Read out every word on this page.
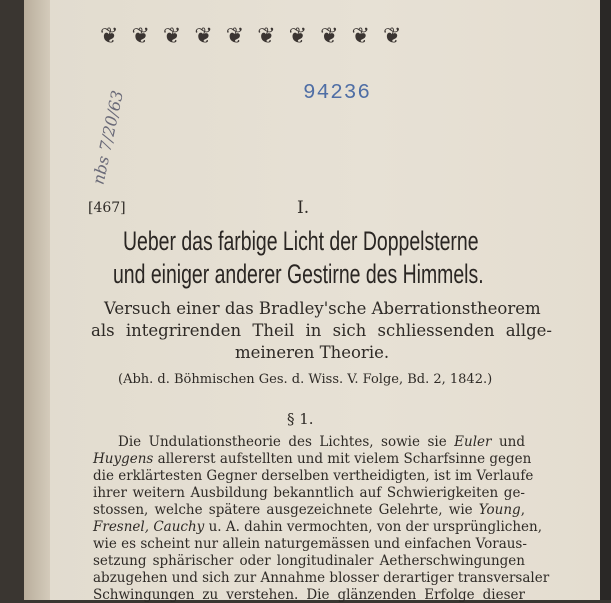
❦ ❦ ❦ ❦ ❦ ❦ ❦ ❦ ❦ ❦
94236
nbs 7/20/63
[467]	I.
Ueber das farbige Licht der Doppelsterne
und einiger anderer Gestirne des Himmels.
Versuch einer das Bradley'sche Aberrationstheorem
als integrirenden Theil in sich schliessenden allge-
meineren Theorie.
(Abh. d. Böhmischen Ges. d. Wiss. V. Folge, Bd. 2, 1842.)
§ 1.
Die Undulationstheorie des Lichtes, sowie sie Euler und
Huygens allererst aufstellten und mit vielem Scharfsinne gegen
die erklärtesten Gegner derselben vertheidigten, ist im Verlaufe
ihrer weitern Ausbildung bekanntlich auf Schwierigkeiten ge-
stossen, welche spätere ausgezeichnete Gelehrte, wie Young,
Fresnel, Cauchy u. A. dahin vermochten, von der ursprünglichen,
wie es scheint nur allein naturgemässen und einfachen Voraus-
setzung sphärischer oder longitudinaler Aetherschwingungen
abzugehen und sich zur Annahme blosser derartiger transversaler
Schwingungen zu verstehen. Die glänzenden Erfolge dieser
